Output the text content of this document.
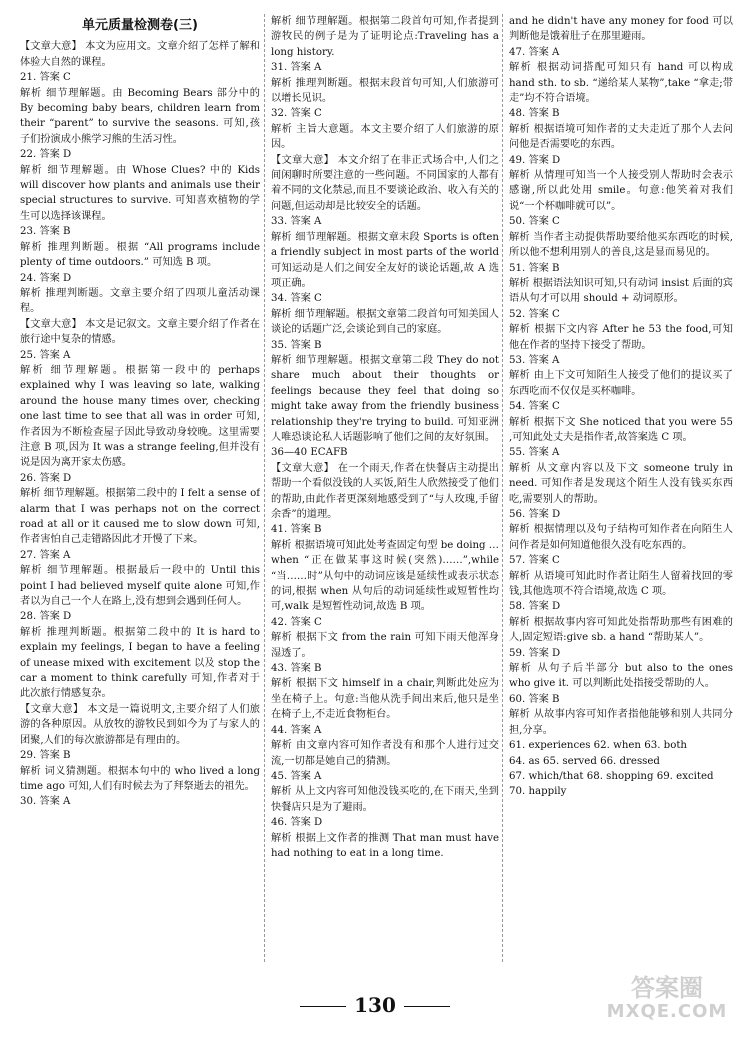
单元质量检测卷(三)

【文章大意】 本文为应用文。文章介绍了怎样了解和体验大自然的课程。

21. 答案 C

解析 细节理解题。由 Becoming Bears 部分中的 By becoming baby bears, children learn from their “parent” to survive the seasons. 可知,孩子们扮演成小熊学习熊的生活习性。

22. 答案 D

解析 细节理解题。由 Whose Clues? 中的 Kids will discover how plants and animals use their special structures to survive. 可知喜欢植物的学生可以选择该课程。

23. 答案 B

解析 推理判断题。根据 “All programs include plenty of time outdoors.” 可知选 B 项。

24. 答案 D

解析 推理判断题。文章主要介绍了四项儿童活动课程。

【文章大意】 本文是记叙文。文章主要介绍了作者在旅行途中复杂的情感。

25. 答案 A

解析 细节理解题。根据第一段中的 perhaps explained why I was leaving so late, walking around the house many times over, checking one last time to see that all was in order 可知,作者因为不断检查屋子因此导致动身较晚。这里需要注意 B 项,因为 It was a strange feeling,但并没有说是因为离开家太伤感。

26. 答案 D

解析 细节理解题。根据第二段中的 I felt a sense of alarm that I was perhaps not on the correct road at all or it caused me to slow down 可知,作者害怕自己走错路因此才开慢了下来。

27. 答案 A

解析 细节理解题。根据最后一段中的 Until this point I had believed myself quite alone 可知,作者以为自己一个人在路上,没有想到会遇到任何人。

28. 答案 D

解析 推理判断题。根据第二段中的 It is hard to explain my feelings, I began to have a feeling of unease mixed with excitement 以及 stop the car a moment to think carefully 可知,作者对于此次旅行情感复杂。

【文章大意】 本文是一篇说明文,主要介绍了人们旅游的各种原因。从放牧的游牧民到如今为了与家人的团聚,人们的每次旅游都是有理由的。

29. 答案 B

解析 词义猜测题。根据本句中的 who lived a long time ago 可知,人们有时候去为了拜祭逝去的祖先。

30. 答案 A

解析 细节理解题。根据第二段首句可知,作者提到游牧民的例子是为了证明论点:Traveling has a long history.

31. 答案 A

解析 推理判断题。根据末段首句可知,人们旅游可以增长见识。

32. 答案 C

解析 主旨大意题。本文主要介绍了人们旅游的原因。

【文章大意】 本文介绍了在非正式场合中,人们之间闲聊时所要注意的一些问题。不同国家的人都有着不同的文化禁忌,而且不要谈论政治、收入有关的问题,但运动却是比较安全的话题。

33. 答案 A

解析 细节理解题。根据文章末段 Sports is often a friendly subject in most parts of the world 可知运动是人们之间安全友好的谈论话题,故 A 选项正确。

34. 答案 C

解析 细节理解题。根据文章第二段首句可知美国人谈论的话题广泛,会谈论到自己的家庭。

35. 答案 B

解析 细节理解题。根据文章第二段 They do not share much about their thoughts or feelings because they feel that doing so might take away from the friendly business relationship they're trying to build. 可知亚洲人唯恐谈论私人话题影响了他们之间的友好氛围。

36—40 ECAFB

【文章大意】 在一个雨天,作者在快餐店主动提出帮助一个看似没钱的人买饭,陌生人欣然接受了他们的帮助,由此作者更深刻地感受到了“与人玫瑰,手留余香”的道理。

41. 答案 B

解析 根据语境可知此处考查固定句型 be doing … when “正在做某事这时候(突然)……”,while “当……时”从句中的动词应该是延续性或表示状态的词,根据 when 从句后的动词延续性或短暂性均可,walk 是短暂性动词,故选 B 项。

42. 答案 C

解析 根据下文 from the rain 可知下雨天他浑身湿透了。

43. 答案 B

解析 根据下文 himself in a chair,判断此处应为坐在椅子上。句意:当他从洗手间出来后,他只是坐在椅子上,不走近食物柜台。

44. 答案 A

解析 由文章内容可知作者没有和那个人进行过交流,一切都是她自己的猜测。

45. 答案 A

解析 从上文内容可知他没钱买吃的,在下雨天,坐到快餐店只是为了避雨。

46. 答案 D

解析 根据上文作者的推测 That man must have had nothing to eat in a long time.

and he didn't have any money for food 可以判断他是饿着肚子在那里避雨。

47. 答案 A

解析 根据动词搭配可知只有 hand 可以构成 hand sth. to sb. “递给某人某物”,take “拿走;带走”均不符合语境。

48. 答案 B

解析 根据语境可知作者的丈夫走近了那个人去问问他是否需要吃的东西。

49. 答案 D

解析 从情理可知当一个人接受别人帮助时会表示感谢,所以此处用 smile。句意:他笑着对我们说“一个杯咖啡就可以”。

50. 答案 C

解析 当作者主动提供帮助要给他买东西吃的时候,所以他不想利用别人的善良,这是显而易见的。

51. 答案 B

解析 根据语法知识可知,只有动词 insist 后面的宾语从句才可以用 should + 动词原形。

52. 答案 C

解析 根据下文内容 After he 53 the food,可知他在作者的坚持下接受了帮助。

53. 答案 A

解析 由上下文可知陌生人接受了他们的提议买了东西吃而不仅仅是买杯咖啡。

54. 答案 C

解析 根据下文 She noticed that you were 55 ,可知此处丈夫是指作者,故答案选 C 项。

55. 答案 A

解析 从文章内容以及下文 someone truly in need. 可知作者是发现这个陌生人没有钱买东西吃,需要别人的帮助。

56. 答案 D

解析 根据情理以及句子结构可知作者在向陌生人问作者是如何知道他很久没有吃东西的。

57. 答案 C

解析 从语境可知此时作者让陌生人留着找回的零钱,其他选项不符合语境,故选 C 项。

58. 答案 D

解析 根据故事内容可知此处指帮助那些有困难的人,固定短语:give sb. a hand “帮助某人”。

59. 答案 D

解析 从句子后半部分 but also to the ones who give it. 可以判断此处指接受帮助的人。

60. 答案 B

解析 从故事内容可知作者指他能够和别人共同分担,分享。

61. experiences 62. when 63. both

64. as 65. served 66. dressed

67. which/that 68. shopping 69. excited

70. happily

130
答案圈
MXQE.COM
